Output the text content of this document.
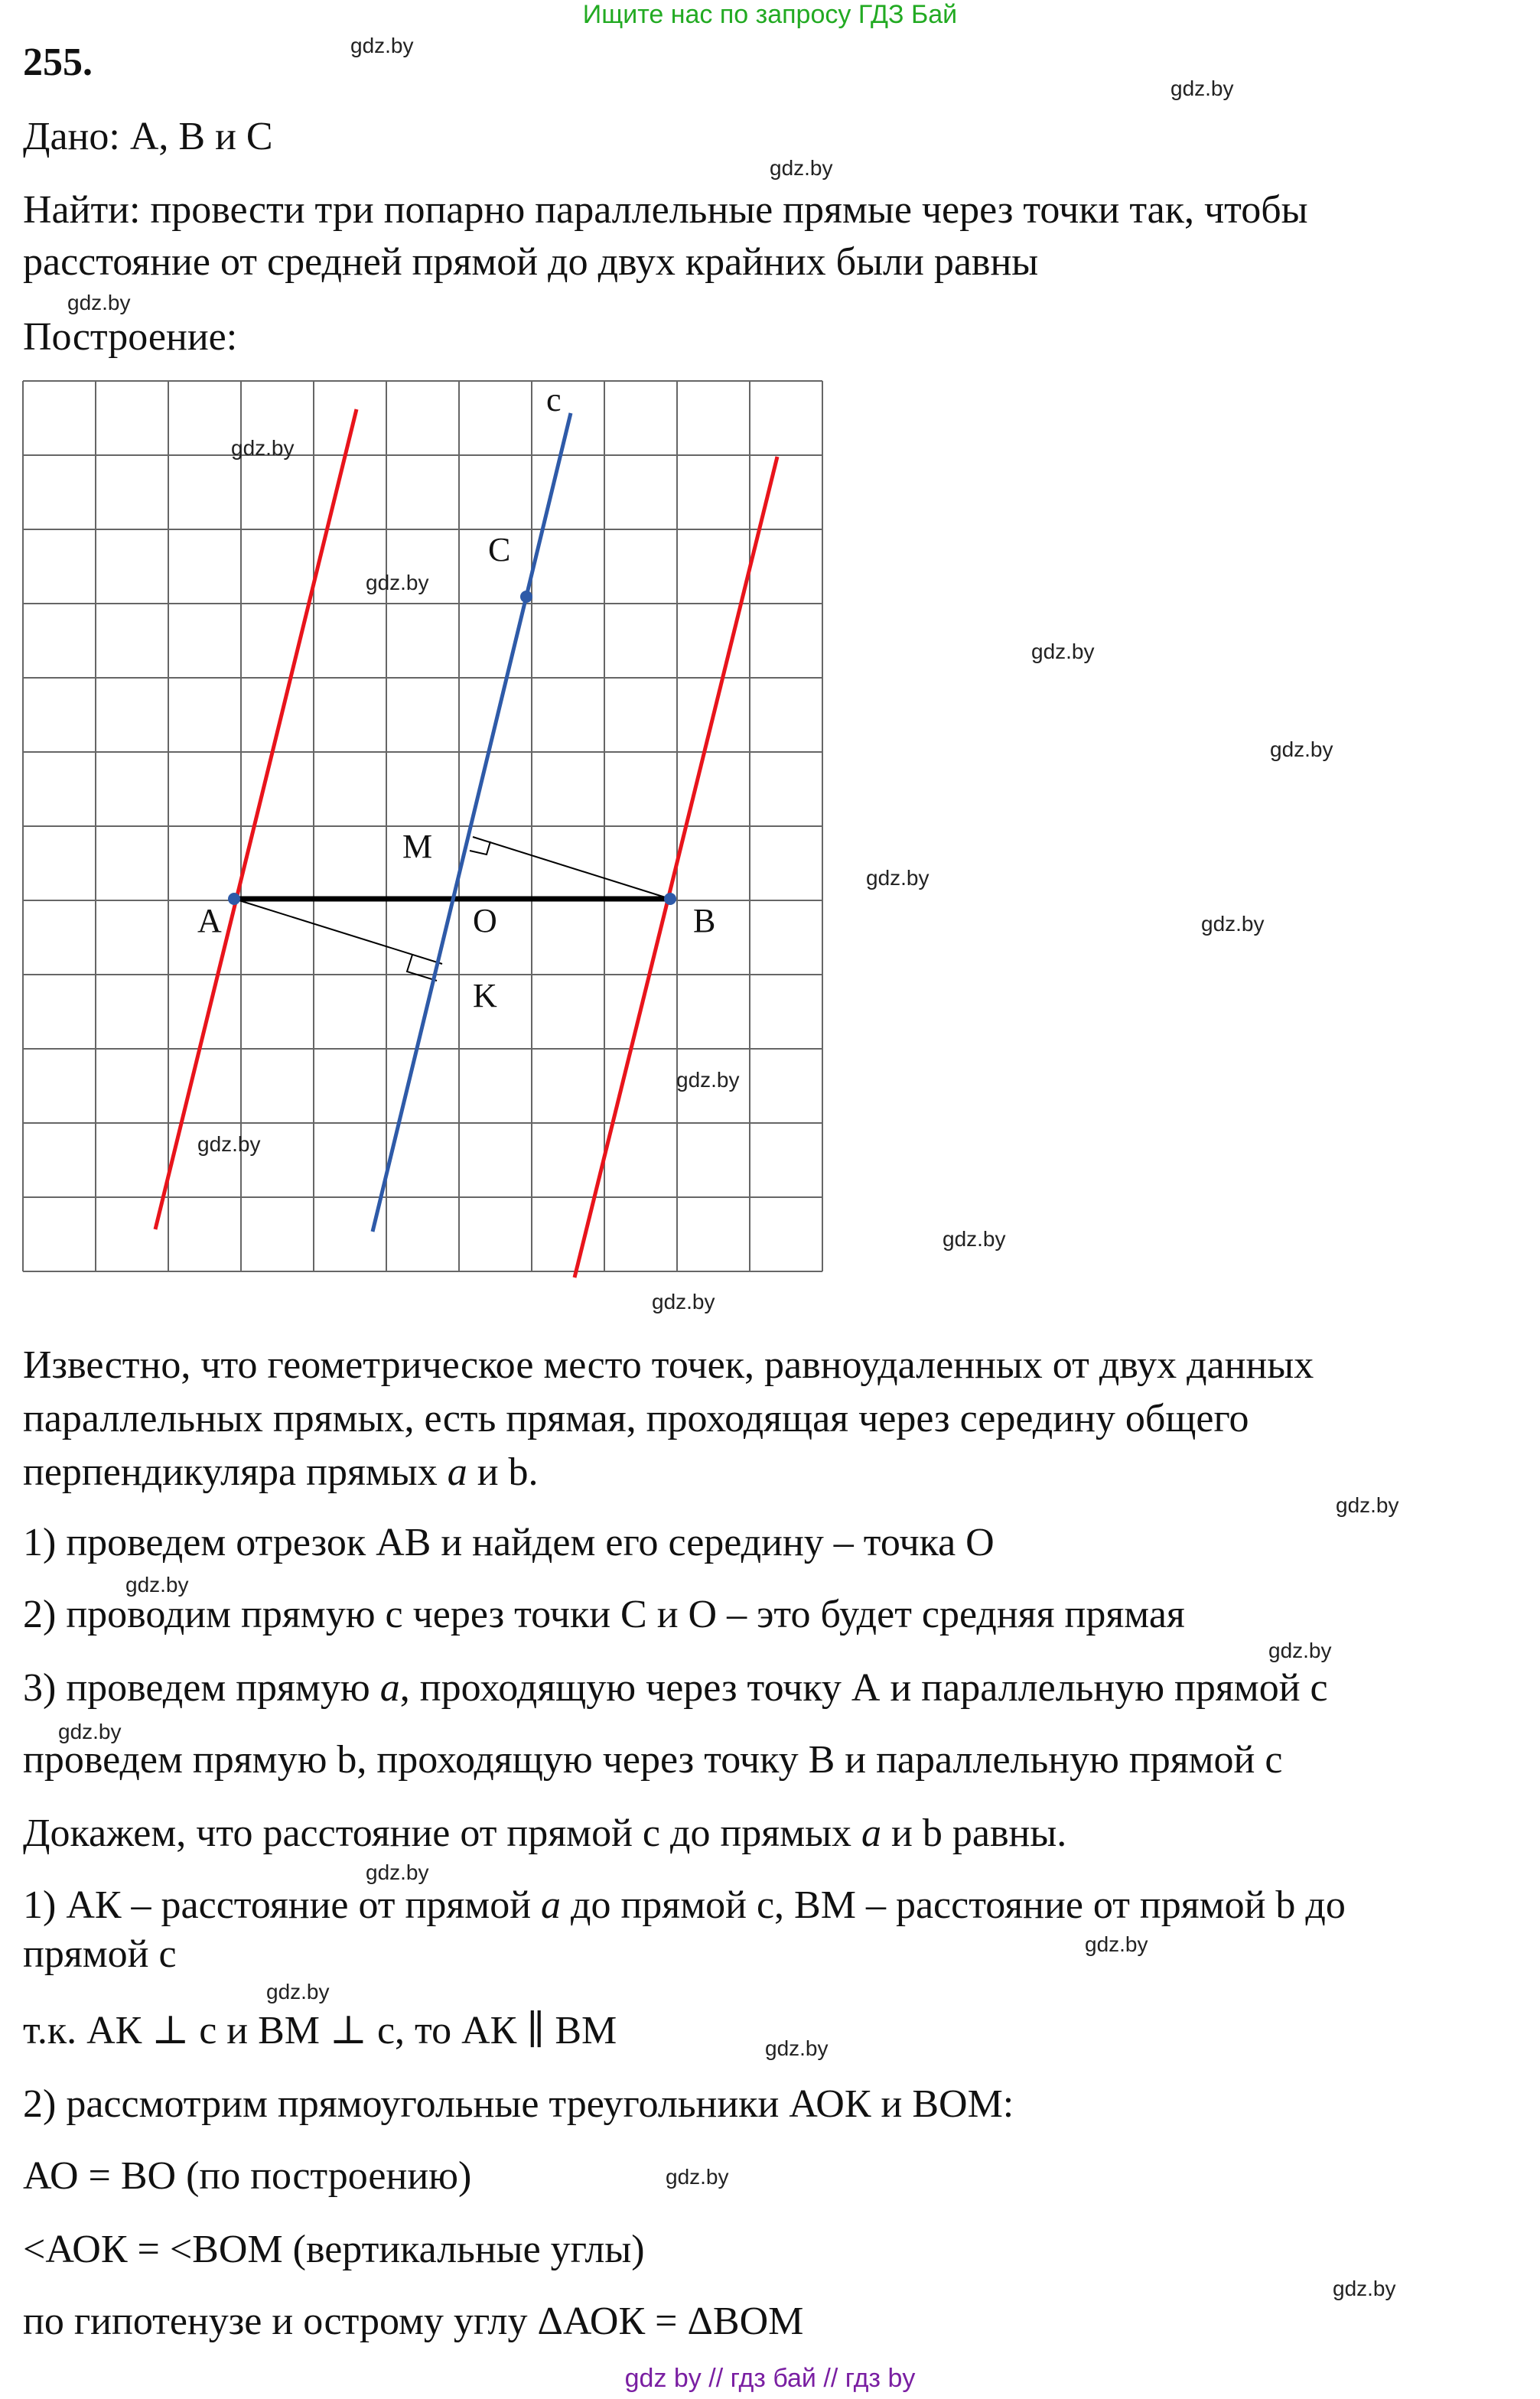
Ищите нас по запросу ГДЗ Бай
255.
Дано: A, B и C
Найти: провести три попарно параллельные прямые через точки так, чтобы
расстояние от средней прямой до двух крайних были равны
Построение:
c
C
M
A	O	B
K
Известно, что геометрическое место точек, равноудаленных от двух данных
параллельных прямых, есть прямая, проходящая через середину общего
перпендикуляра прямых a и b.
1) проведем отрезок AB и найдем его середину – точка О
2) проводим прямую с через точки С и О – это будет средняя прямая
3) проведем прямую a, проходящую через точку А и параллельную прямой с
проведем прямую b, проходящую через точку В и параллельную прямой с
Докажем, что расстояние от прямой с до прямых a и b равны.
1) АК – расстояние от прямой a до прямой с, ВМ – расстояние от прямой b до
прямой с
т.к. АК ⊥ с и ВМ ⊥ с, то АК ∥ ВМ
2) рассмотрим прямоугольные треугольники АОК и ВОМ:
АО = ВО (по построению)
<АОК = <ВОМ (вертикальные углы)
по гипотенузе и острому углу ΔАОК = ΔВОМ
gdz.by
gdz.by
gdz.by
gdz.by
gdz.by
gdz.by
gdz.by
gdz.by
gdz.by
gdz.by
gdz.by
gdz.by
gdz.by
gdz.by
gdz.by
gdz.by
gdz.by
gdz.by
gdz.by
gdz.by
gdz.by
gdz.by
gdz.by
gdz.by
gdz by // гдз бай // гдз by
